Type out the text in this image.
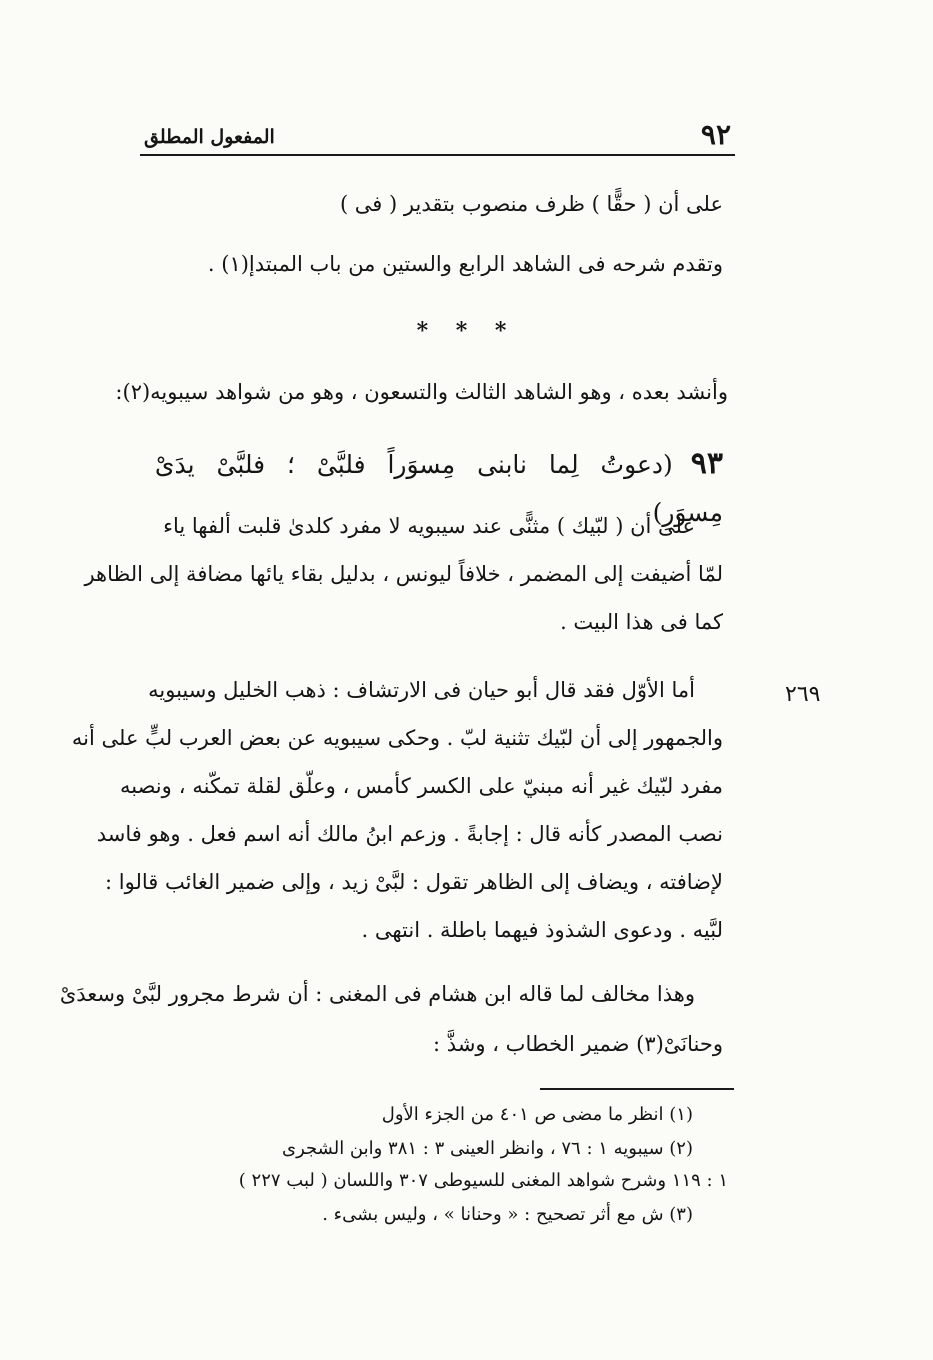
٩٢
المفعول المطلق
على أن ( حقًّا ) ظرف منصوب بتقدير ( فى )
وتقدم شرحه فى الشاهد الرابع والستين من باب المبتدإ(١) .
* * *
وأنشد بعده ، وهو الشاهد الثالث والتسعون ، وهو من شواهد سيبويه(٢):
٩٣ (دعوتُ لِما نابنى مِسوَراً فلبَّىْ ؛ فلبَّىْ يدَىْ مِسوَرِ)
على أن ( لبّيك ) مثنًّى عند سيبويه لا مفرد كلدىٰ قلبت ألفها ياء
لمّا أضيفت إلى المضمر ، خلافاً ليونس ، بدليل بقاء يائها مضافة إلى الظاهر
كما فى هذا البيت .
٢٦٩
أما الأوّل فقد قال أبو حيان فى الارتشاف : ذهب الخليل وسيبويه
والجمهور إلى أن لبّيك تثنية لبّ . وحكى سيبويه عن بعض العرب لبٍّ على أنه
مفرد لبّيك غير أنه مبنيّ على الكسر كأمس ، وعلّق لقلة تمكّنه ، ونصبه
نصب المصدر كأنه قال : إجابةً . وزعم ابنُ مالك أنه اسم فعل . وهو فاسد
لإضافته ، ويضاف إلى الظاهر تقول : لبَّىْ زيد ، وإلى ضمير الغائب قالوا :
لبَّيه . ودعوى الشذوذ فيهما باطلة . انتهى .
وهذا مخالف لما قاله ابن هشام فى المغنى : أن شرط مجرور لبَّىْ وسعدَىْ
وحنانَىْ(٣) ضمير الخطاب ، وشذَّ :
(١) انظر ما مضى ص ٤٠١ من الجزء الأول
(٢) سيبويه ١ : ٧٦ ، وانظر العينى ٣ : ٣٨١ وابن الشجرى
١ : ١١٩ وشرح شواهد المغنى للسيوطى ٣٠٧ واللسان ( لبب ٢٢٧ )
(٣) ش مع أثر تصحيح : « وحنانا » ، وليس بشىء .
